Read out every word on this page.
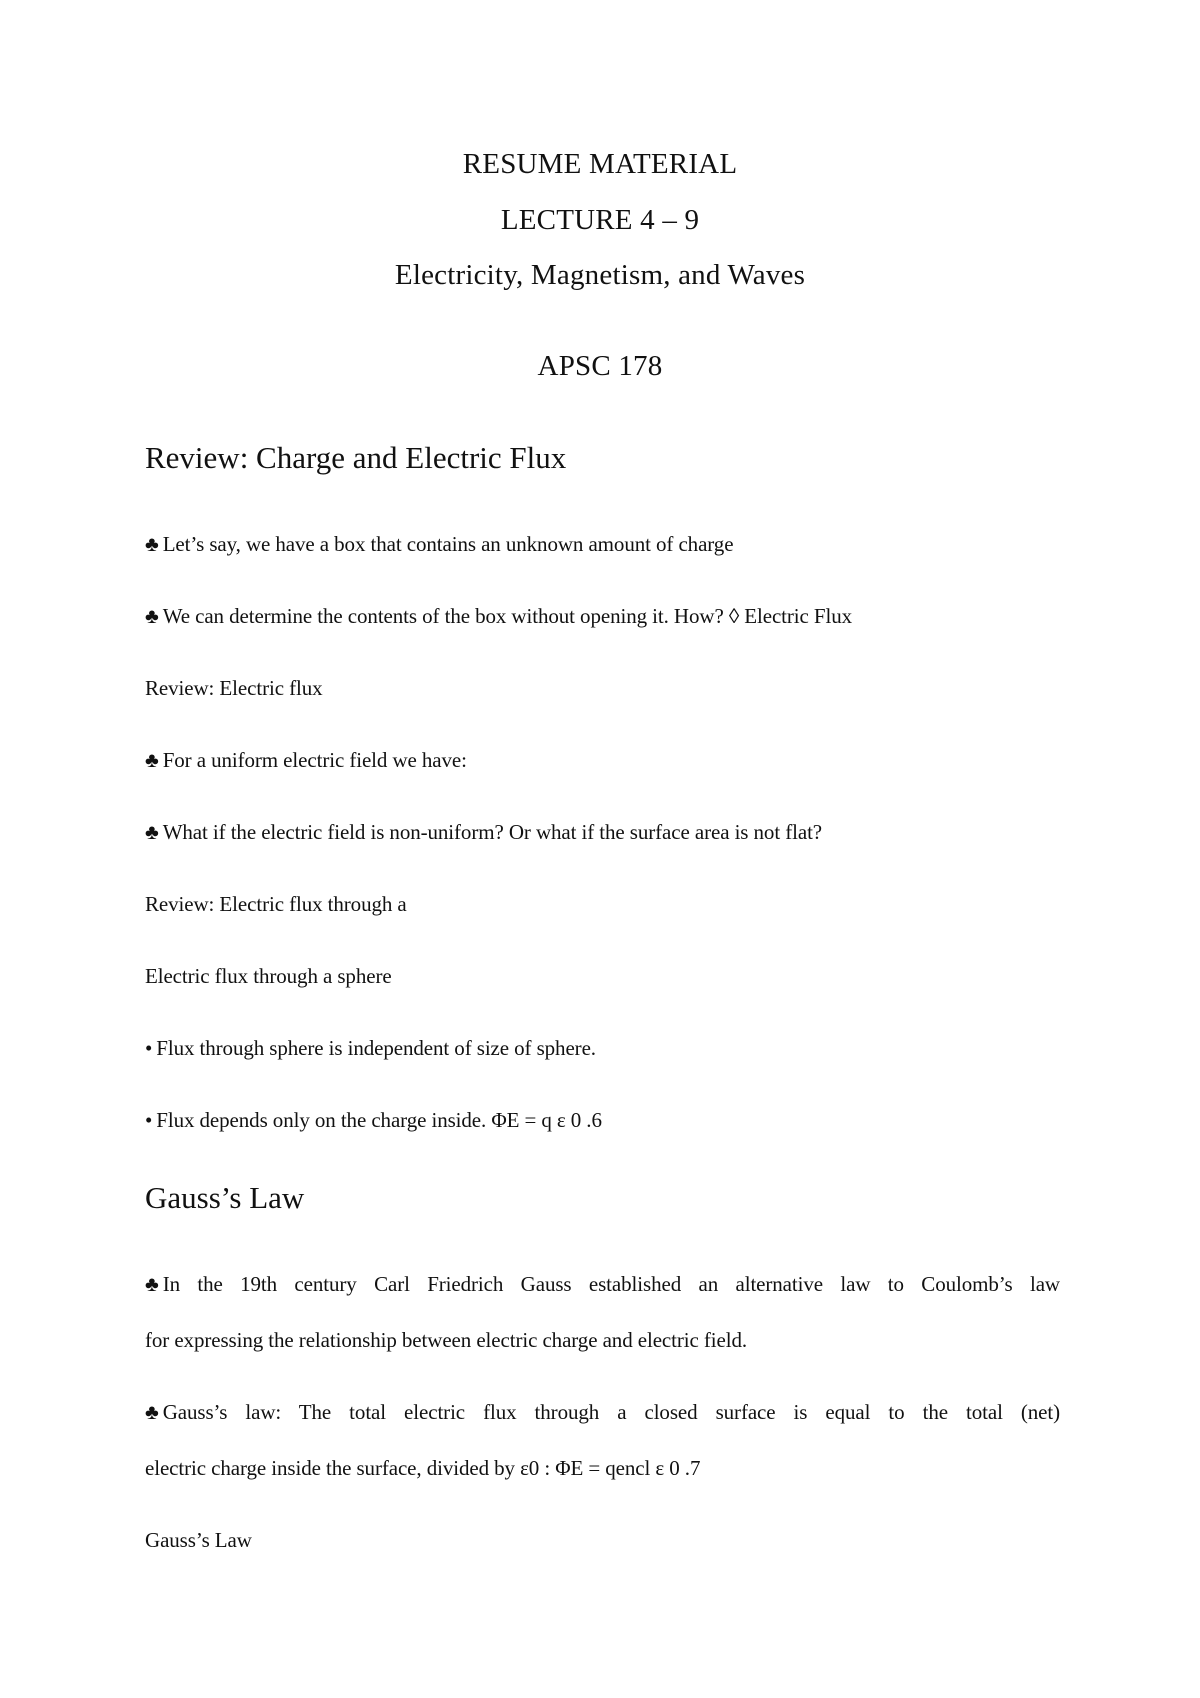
RESUME MATERIAL
LECTURE 4 – 9
Electricity, Magnetism, and Waves
APSC 178
Review: Charge and Electric Flux
♣ Let’s say, we have a box that contains an unknown amount of charge
♣ We can determine the contents of the box without opening it. How? ◊ Electric Flux
Review: Electric flux
♣ For a uniform electric field we have:
♣ What if the electric field is non-uniform? Or what if the surface area is not flat?
Review: Electric flux through a
Electric flux through a sphere
• Flux through sphere is independent of size of sphere.
• Flux depends only on the charge inside. ΦE = q ε 0 .6
Gauss’s Law
♣ In the 19th century Carl Friedrich Gauss established an alternative law to Coulomb’s law
for expressing the relationship between electric charge and electric field.
♣ Gauss’s law: The total electric flux through a closed surface is equal to the total (net)
electric charge inside the surface, divided by ε0 : ΦE = qencl ε 0 .7
Gauss’s Law
